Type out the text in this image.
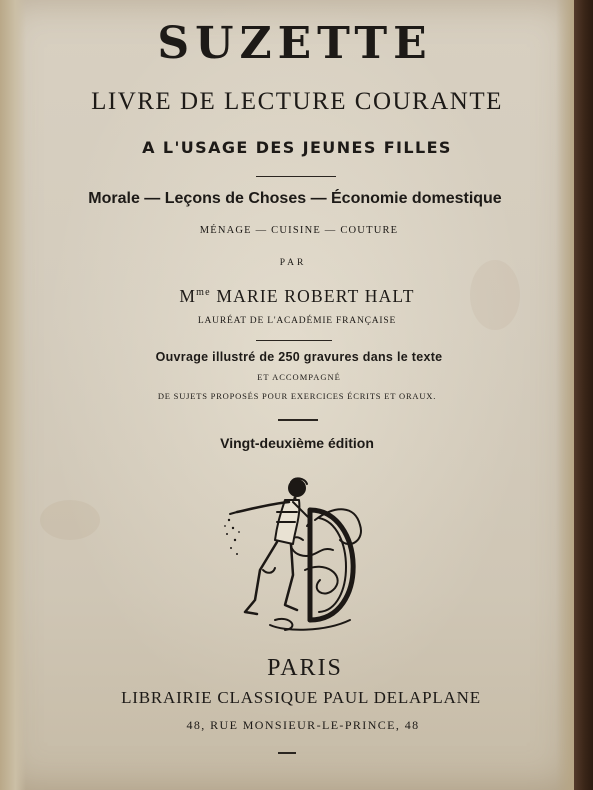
SUZETTE
LIVRE DE LECTURE COURANTE
A L'USAGE DES JEUNES FILLES
Morale — Leçons de Choses — Économie domestique
MÉNAGE — CUISINE — COUTURE
PAR
$M^{me}$ MARIE ROBERT HALT
LAURÉAT DE L'ACADÉMIE FRANÇAISE
Ouvrage illustré de 250 gravures dans le texte
ET ACCOMPAGNÉ
DE SUJETS PROPOSÉS POUR EXERCICES ÉCRITS ET ORAUX.
Vingt-deuxième édition
PARIS
LIBRAIRIE CLASSIQUE PAUL DELAPLANE
48, RUE MONSIEUR-LE-PRINCE, 48
